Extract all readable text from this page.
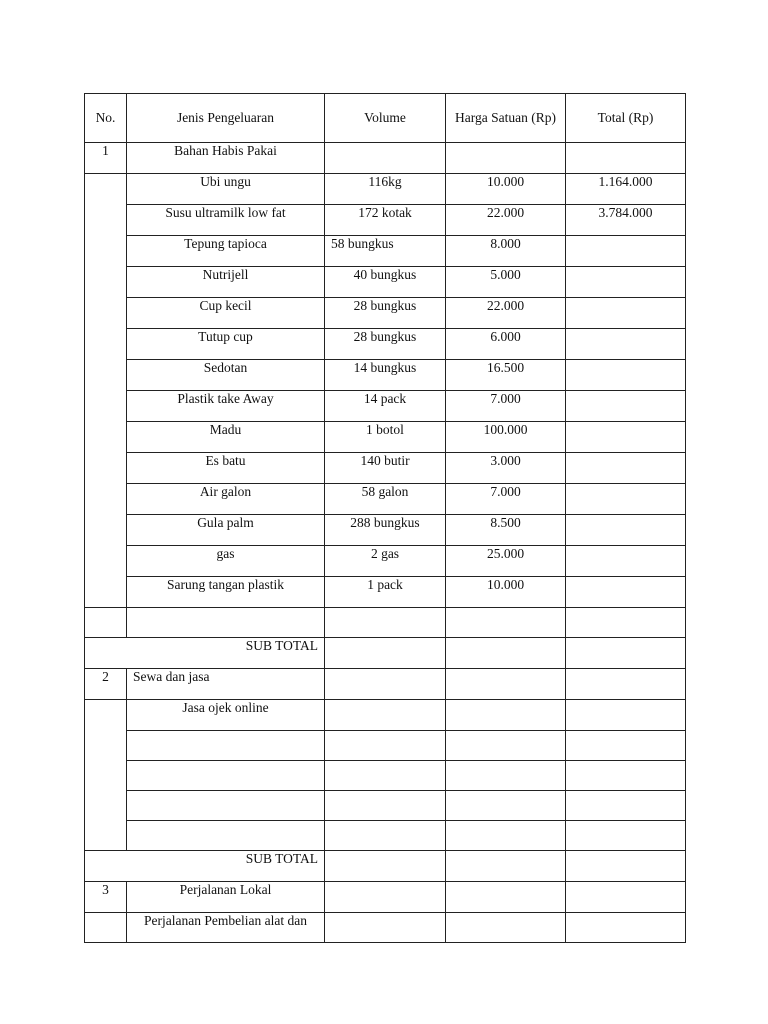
No.	Jenis Pengeluaran	Volume	Harga Satuan (Rp)	Total (Rp)
1	Bahan Habis Pakai			
	Ubi ungu	116kg	10.000	1.164.000
	Susu ultramilk low fat	172 kotak	22.000	3.784.000
	Tepung tapioca	58 bungkus	8.000	
	Nutrijell	40 bungkus	5.000	
	Cup kecil	28 bungkus	22.000	
	Tutup cup	28 bungkus	6.000	
	Sedotan	14 bungkus	16.500	
	Plastik take Away	14 pack	7.000	
	Madu	1 botol	100.000	
	Es batu	140 butir	3.000	
	Air galon	58 galon	7.000	
	Gula palm	288 bungkus	8.500	
	gas	2 gas	25.000	
	Sarung tangan plastik	1 pack	10.000	

SUB TOTAL				
2	Sewa dan jasa			
	Jasa ojek online			

SUB TOTAL				
3	Perjalanan Lokal			
	Perjalanan Pembelian alat dan			
